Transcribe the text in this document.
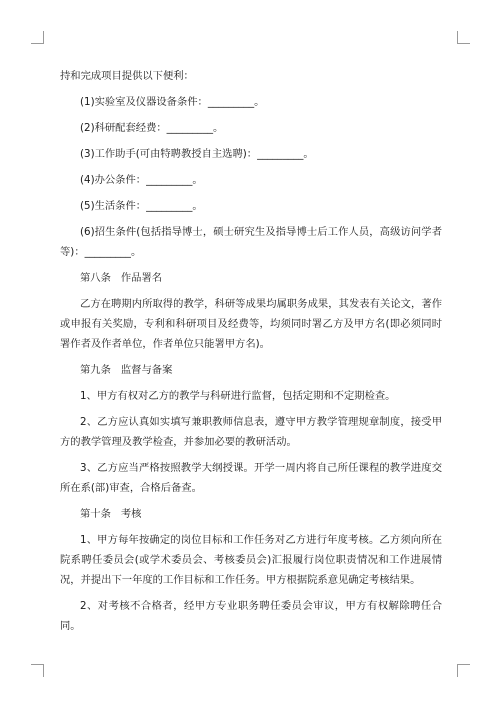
持和完成项目提供以下便利：

(1)实验室及仪器设备条件：_________。

(2)科研配套经费：_________。

(3)工作助手(可由特聘教授自主选聘)：_________。

(4)办公条件：_________。

(5)生活条件：_________。

(6)招生条件(包括指导博士，硕士研究生及指导博士后工作人员，高级访问学者等)：_________。

第八条 作品署名

乙方在聘期内所取得的教学，科研等成果均属职务成果，其发表有关论文，著作或申报有关奖励，专利和科研项目及经费等，均须同时署乙方及甲方名(即必须同时署作者及作者单位，作者单位只能署甲方名)。

第九条 监督与备案

1、甲方有权对乙方的教学与科研进行监督，包括定期和不定期检查。

2、乙方应认真如实填写兼职教师信息表，遵守甲方教学管理规章制度，接受甲方的教学管理及教学检查，并参加必要的教研活动。

3、乙方应当严格按照教学大纲授课。开学一周内将自己所任课程的教学进度交所在系(部)审查，合格后备查。

第十条 考核

1、甲方每年按确定的岗位目标和工作任务对乙方进行年度考核。乙方须向所在院系聘任委员会(或学术委员会、考核委员会)汇报履行岗位职责情况和工作进展情况，并提出下一年度的工作目标和工作任务。甲方根据院系意见确定考核结果。

2、对考核不合格者，经甲方专业职务聘任委员会审议，甲方有权解除聘任合同。
